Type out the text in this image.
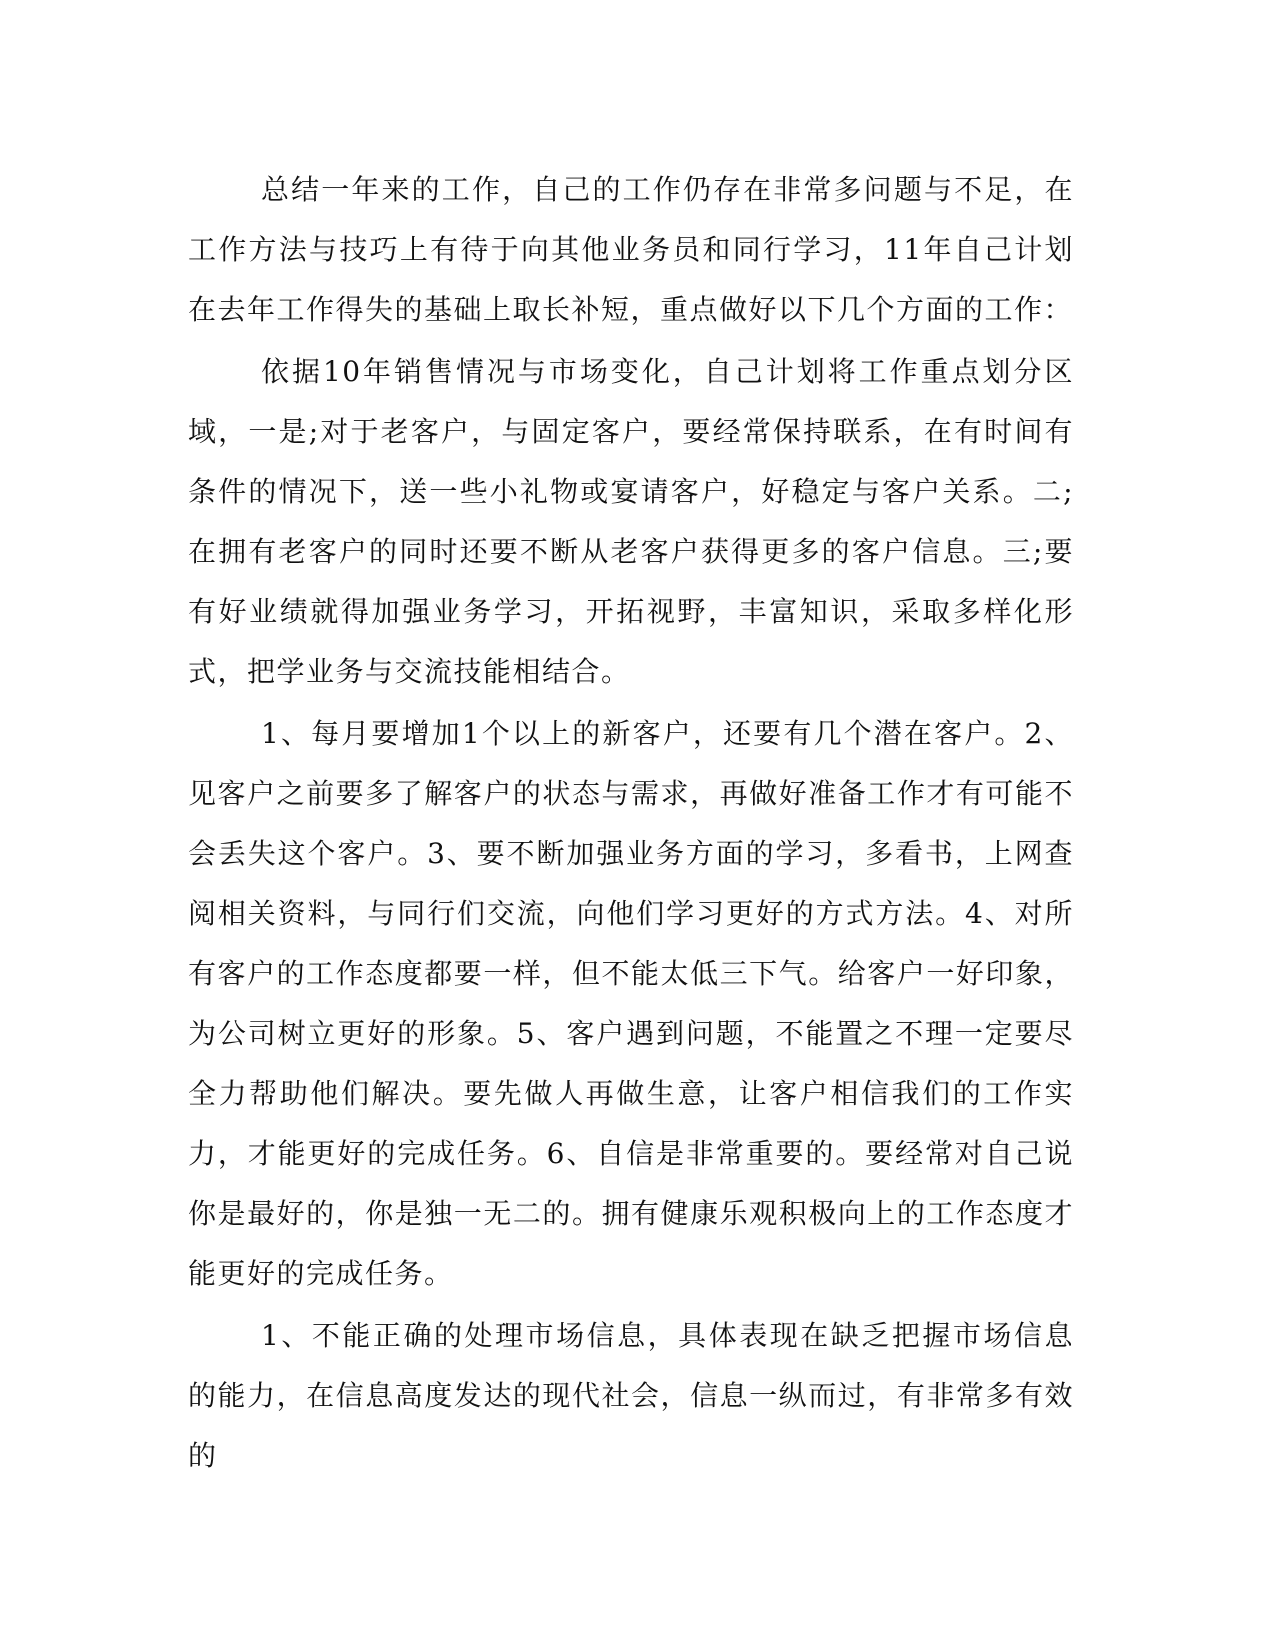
总结一年来的工作，自己的工作仍存在非常多问题与不足，在工作方法与技巧上有待于向其他业务员和同行学习，11年自己计划在去年工作得失的基础上取长补短，重点做好以下几个方面的工作：

依据10年销售情况与市场变化，自己计划将工作重点划分区域，一是;对于老客户，与固定客户，要经常保持联系，在有时间有条件的情况下，送一些小礼物或宴请客户，好稳定与客户关系。二;在拥有老客户的同时还要不断从老客户获得更多的客户信息。三;要有好业绩就得加强业务学习，开拓视野，丰富知识，采取多样化形式，把学业务与交流技能相结合。

1、每月要增加1个以上的新客户，还要有几个潜在客户。2、见客户之前要多了解客户的状态与需求，再做好准备工作才有可能不会丢失这个客户。3、要不断加强业务方面的学习，多看书，上网查阅相关资料，与同行们交流，向他们学习更好的方式方法。4、对所有客户的工作态度都要一样，但不能太低三下气。给客户一好印象，为公司树立更好的形象。5、客户遇到问题，不能置之不理一定要尽全力帮助他们解决。要先做人再做生意，让客户相信我们的工作实力，才能更好的完成任务。6、自信是非常重要的。要经常对自己说你是最好的，你是独一无二的。拥有健康乐观积极向上的工作态度才能更好的完成任务。

1、不能正确的处理市场信息，具体表现在缺乏把握市场信息的能力，在信息高度发达的现代社会，信息一纵而过，有非常多有效的
